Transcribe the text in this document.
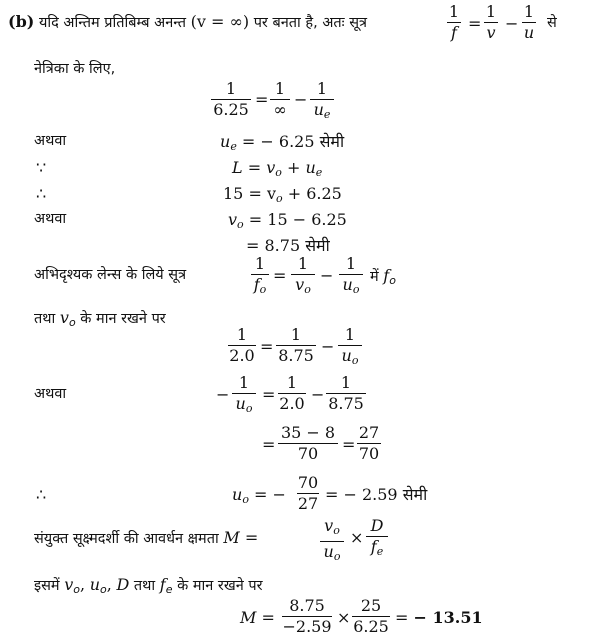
(b) यदि अन्तिम प्रतिबिम्ब अनन्त (v = ∞) पर बनता है, अतः सूत्र
1
f =
1
v −
1
u से
नेत्रिका के लिए,
1
6.25
=
1
∞
−
1
$u_e$
अथवा	$u_e$ = − 6.25 सेमी
∵	$L = v_o + u_e$
∴	$15 = v_o + 6.25$
अथवा	$v_o = 15 - 6.25$
= 8.75 सेमी
अभिदृश्यक लेन्स के लिये सूत्र
1
$f_o$
=
1
$v_o$
−
1
$u_o$
में $f_o$
तथा $v_o$ के मान रखने पर
1
2.0 =
1
8.75 −
1
$u_o$
अथवा	−
1
$u_o$
=
1
2.0 −
1
8.75
=
35 − 8
70	=
27
70
∴	$u_o$ = −
70
27 = − 2.59 सेमी
संयुक्त सूक्ष्मदर्शी की आवर्धन क्षमता M =
$v_o$
$u_o$
×
D
$f_e$
इसमें $v_o$, $u_o$, D तथा $f_e$ के मान रखने पर
M =
8.75
−2.59 ×
25
6.25 = − 13.51
